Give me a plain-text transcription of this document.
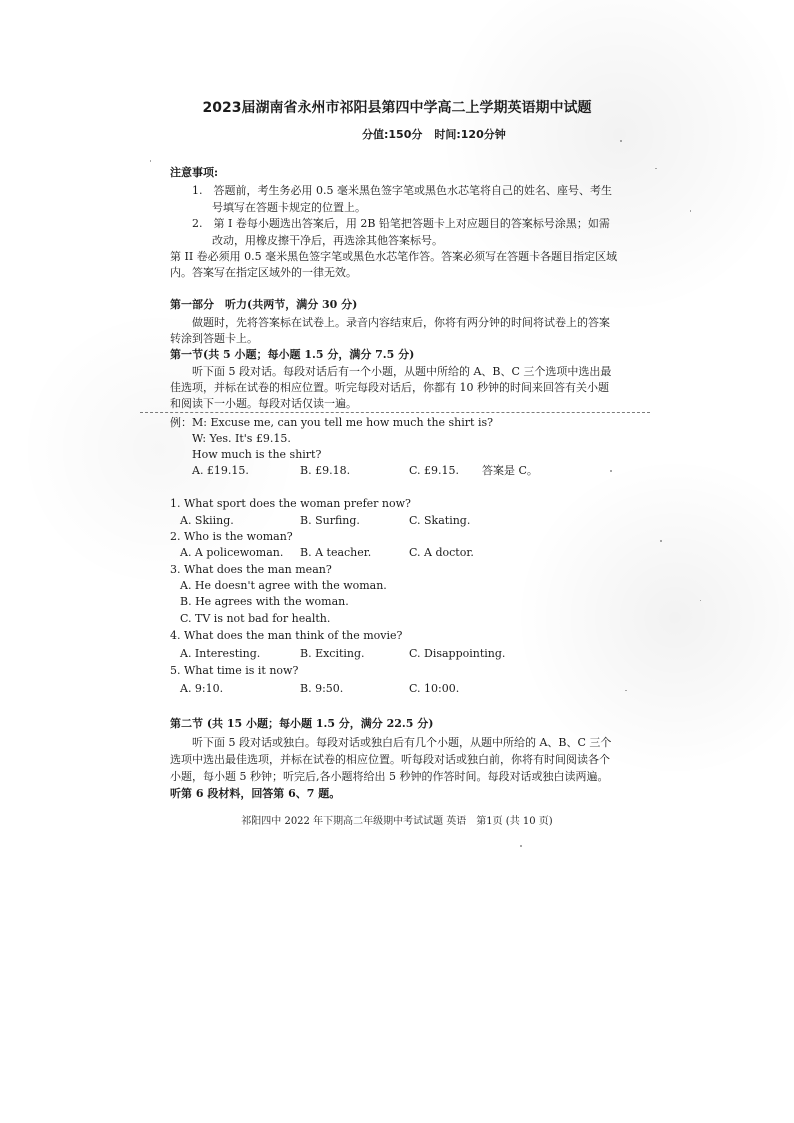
2023届湖南省永州市祁阳县第四中学高二上学期英语期中试题
分值:150分 时间:120分钟
注意事项:
1.　答题前，考生务必用 0.5 毫米黑色签字笔或黑色水芯笔将自己的姓名、座号、考生
号填写在答题卡规定的位置上。
2.　第 I 卷每小题选出答案后，用 2B 铅笔把答题卡上对应题目的答案标号涂黑；如需
改动，用橡皮擦干净后，再选涂其他答案标号。
第 II 卷必须用 0.5 毫米黑色签字笔或黑色水芯笔作答。答案必须写在答题卡各题目指定区域
内。答案写在指定区域外的一律无效。
第一部分　听力(共两节，满分 30 分)
做题时，先将答案标在试卷上。录音内容结束后，你将有两分钟的时间将试卷上的答案
转涂到答题卡上。
第一节(共 5 小题；每小题 1.5 分，满分 7.5 分)
听下面 5 段对话。每段对话后有一个小题，从题中所给的 A、B、C 三个选项中选出最
佳选项，并标在试卷的相应位置。听完每段对话后，你都有 10 秒钟的时间来回答有关小题
和阅读下一小题。每段对话仅读一遍。
例：M: Excuse me, can you tell me how much the shirt is?
W: Yes. It's £9.15.
How much is the shirt?
A. £19.15.	B. £9.18.	C. £9.15. 答案是 C。
1. What sport does the woman prefer now?
A. Skiing.	B. Surfing.	C. Skating.
2. Who is the woman?
A. A policewoman. B. A teacher.	C. A doctor.
3. What does the man mean?
A. He doesn't agree with the woman.
B. He agrees with the woman.
C. TV is not bad for health.
4. What does the man think of the movie?
A. Interesting.	B. Exciting.	C. Disappointing.
5. What time is it now?
A. 9:10.	B. 9:50.	C. 10:00.
第二节 (共 15 小题；每小题 1.5 分，满分 22.5 分)
听下面 5 段对话或独白。每段对话或独白后有几个小题，从题中所给的 A、B、C 三个
选项中选出最佳选项，并标在试卷的相应位置。听每段对话或独白前，你将有时间阅读各个
小题，每小题 5 秒钟；听完后,各小题将给出 5 秒钟的作答时间。每段对话或独白读两遍。
听第 6 段材料，回答第 6、7 题。
祁阳四中 2022 年下期高二年级期中考试试题 英语　第1页 (共 10 页)
